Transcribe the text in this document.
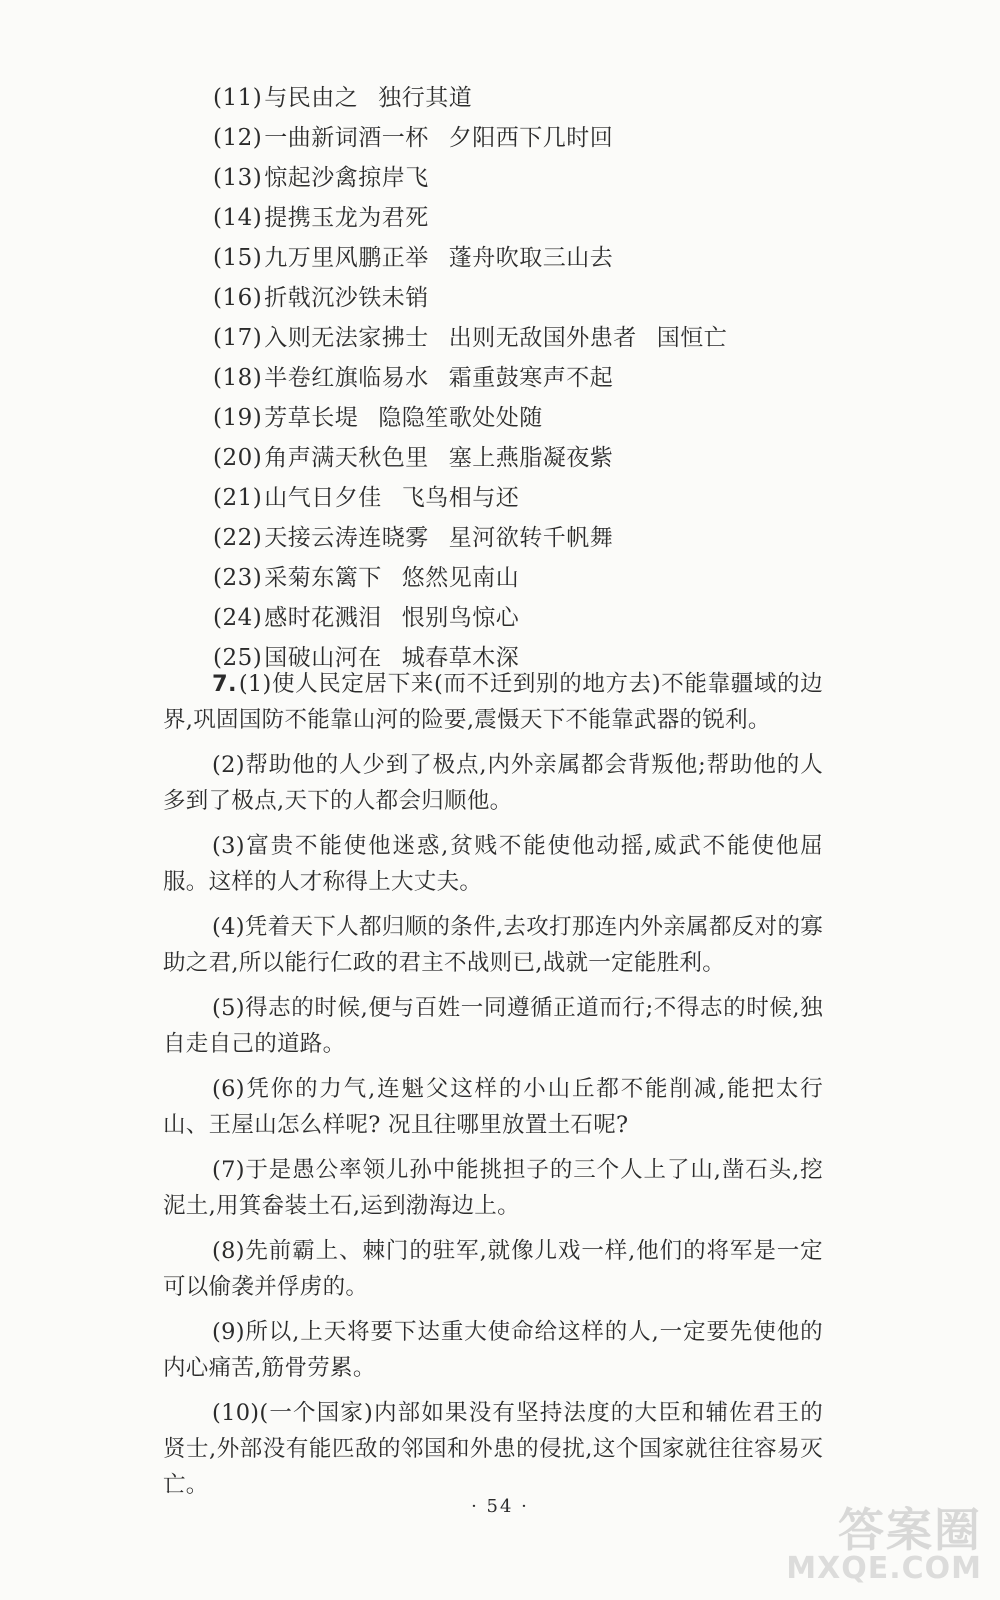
(11)与民由之 独行其道
(12)一曲新词酒一杯 夕阳西下几时回
(13)惊起沙禽掠岸飞
(14)提携玉龙为君死
(15)九万里风鹏正举 蓬舟吹取三山去
(16)折戟沉沙铁未销
(17)入则无法家拂士 出则无敌国外患者 国恒亡
(18)半卷红旗临易水 霜重鼓寒声不起
(19)芳草长堤 隐隐笙歌处处随
(20)角声满天秋色里 塞上燕脂凝夜紫
(21)山气日夕佳 飞鸟相与还
(22)天接云涛连晓雾 星河欲转千帆舞
(23)采菊东篱下 悠然见南山
(24)感时花溅泪 恨别鸟惊心
(25)国破山河在 城春草木深

7.(1)使人民定居下来(而不迁到别的地方去)不能靠疆域的边界,巩固国防不能靠山河的险要,震慑天下不能靠武器的锐利。

(2)帮助他的人少到了极点,内外亲属都会背叛他;帮助他的人多到了极点,天下的人都会归顺他。

(3)富贵不能使他迷惑,贫贱不能使他动摇,威武不能使他屈服。这样的人才称得上大丈夫。

(4)凭着天下人都归顺的条件,去攻打那连内外亲属都反对的寡助之君,所以能行仁政的君主不战则已,战就一定能胜利。

(5)得志的时候,便与百姓一同遵循正道而行;不得志的时候,独自走自己的道路。

(6)凭你的力气,连魁父这样的小山丘都不能削减,能把太行山、王屋山怎么样呢? 况且往哪里放置土石呢?

(7)于是愚公率领儿孙中能挑担子的三个人上了山,凿石头,挖泥土,用箕畚装土石,运到渤海边上。

(8)先前霸上、棘门的驻军,就像儿戏一样,他们的将军是一定可以偷袭并俘虏的。

(9)所以,上天将要下达重大使命给这样的人,一定要先使他的内心痛苦,筋骨劳累。

(10)(一个国家)内部如果没有坚持法度的大臣和辅佐君王的贤士,外部没有能匹敌的邻国和外患的侵扰,这个国家就往往容易灭亡。

· 54 ·	答案圈
MXQE.COM
